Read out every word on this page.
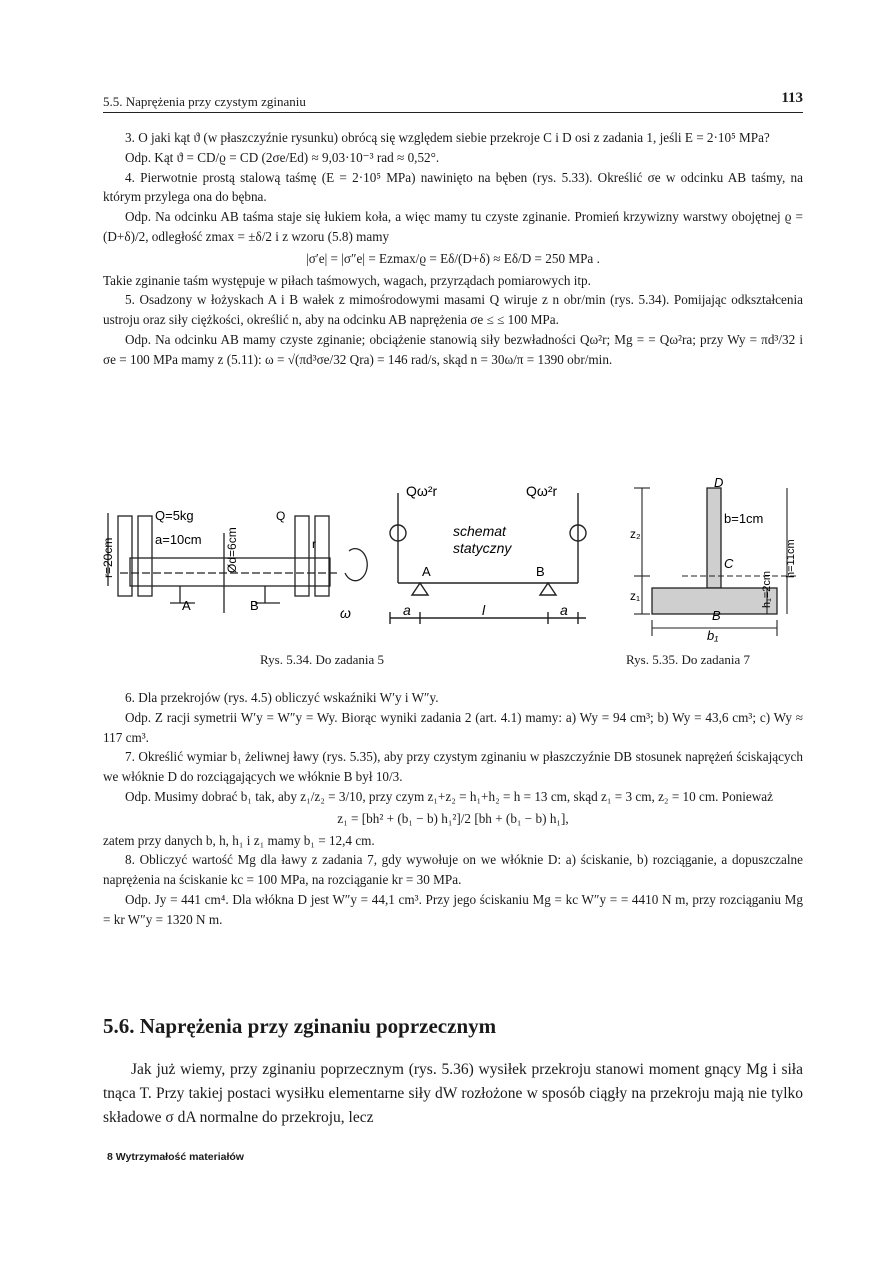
5.5. Naprężenia przy czystym zginaniu	113

3. O jaki kąt ϑ (w płaszczyźnie rysunku) obrócą się względem siebie przekroje C i D osi z zadania 1, jeśli E = 2·10⁵ MPa?

Odp. Kąt ϑ = CD/ϱ = CD (2σe/Ed) ≈ 9,03·10⁻³ rad ≈ 0,52°.

4. Pierwotnie prostą stalową taśmę (E = 2·10⁵ MPa) nawinięto na bęben (rys. 5.33). Określić σe w odcinku AB taśmy, na którym przylega ona do bębna.

Odp. Na odcinku AB taśma staje się łukiem koła, a więc mamy tu czyste zginanie. Promień krzywizny warstwy obojętnej ϱ = (D+δ)/2, odległość zmax = ±δ/2 i z wzoru (5.8) mamy

|σ′e| = |σ″e| = Ezmax/ϱ = Eδ/(D+δ) ≈ Eδ/D = 250 MPa .

Takie zginanie taśm występuje w piłach taśmowych, wagach, przyrządach pomiarowych itp.

5. Osadzony w łożyskach A i B wałek z mimośrodowymi masami Q wiruje z n obr/min (rys. 5.34). Pomijając odkształcenia ustroju oraz siły ciężkości, określić n, aby na odcinku AB naprężenia σe ≤ ≤ 100 MPa.

Odp. Na odcinku AB mamy czyste zginanie; obciążenie stanowią siły bezwładności Qω²r; Mg = = Qω²ra; przy Wy = πd³/32 i σe = 100 MPa mamy z (5.11): ω = √(πd³σe/32 Qra) = 146 rad/s, skąd n = 30ω/π = 1390 obr/min.

Q=5kg
a=10cm
r=20cm	Ød=6cm
Q
r
A	B	ω
Qω²r	Qω²r
schemat
statyczny
A	B
a	l	a
Rys. 5.34. Do zadania 5
D
B
C
b=1cm
b₁
z₂
z₁	h₁=2cm
h=11cm
Rys. 5.35. Do zadania 7

6. Dla przekrojów (rys. 4.5) obliczyć wskaźniki W′y i W″y.

Odp. Z racji symetrii W′y = W″y = Wy. Biorąc wyniki zadania 2 (art. 4.1) mamy: a) Wy = 94 cm³; b) Wy = 43,6 cm³; c) Wy ≈ 117 cm³.

7. Określić wymiar b₁ żeliwnej ławy (rys. 5.35), aby przy czystym zginaniu w płaszczyźnie DB stosunek naprężeń ściskających we włóknie D do rozciągających we włóknie B był 10/3.

Odp. Musimy dobrać b₁ tak, aby z₁/z₂ = 3/10, przy czym z₁+z₂ = h₁+h₂ = h = 13 cm, skąd z₁ = 3 cm, z₂ = 10 cm. Ponieważ

z₁ = [bh² + (b₁ − b) h₁²]/2 [bh + (b₁ − b) h₁],

zatem przy danych b, h, h₁ i z₁ mamy b₁ = 12,4 cm.

8. Obliczyć wartość Mg dla ławy z zadania 7, gdy wywołuje on we włóknie D: a) ściskanie, b) rozciąganie, a dopuszczalne naprężenia na ściskanie kc = 100 MPa, na rozciąganie kr = 30 MPa.

Odp. Jy = 441 cm⁴. Dla włókna D jest W″y = 44,1 cm³. Przy jego ściskaniu Mg = kc W″y = = 4410 N m, przy rozciąganiu Mg = kr W″y = 1320 N m.

5.6. Naprężenia przy zginaniu poprzecznym

Jak już wiemy, przy zginaniu poprzecznym (rys. 5.36) wysiłek przekroju stanowi moment gnący Mg i siła tnąca T. Przy takiej postaci wysiłku elementarne siły dW rozłożone w sposób ciągły na przekroju mają nie tylko składowe σ dA normalne do przekroju, lecz

8 Wytrzymałość materiałów
